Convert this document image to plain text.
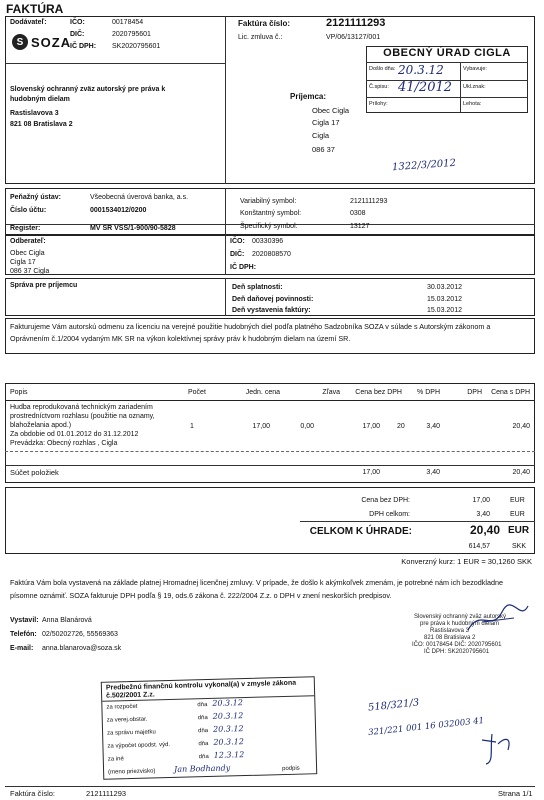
FAKTÚRA
Dodávateľ:
S SOZA
IČO:	00178454
DIČ:	2020795601
IČ DPH: SK2020795601
Slovenský ochranný zväz autorský pre práva k
hudobným dielam
Rastislavova 3
821 08 Bratislava 2
Faktúra číslo:	2121111293
Lic. zmluva č.:	VP/06/13127/001
OBECNÝ ÚRAD CIGLA
Došlo dňa: 20.3.12	Vybavuje:
Č.spisu: 41/2012 Ukl.znak:
Prílohy:	Lehota:
Príjemca:
Obec Cigla
Cigla 17
Cigla
086 37
1322/3/2012
Peňažný ústav:	Všeobecná úverová banka, a.s.
Číslo účtu:	0001534012/0200
Register:	MV SR VSS/1-900/90-5828
Variabilný symbol:	2121111293
Konštantný symbol:	0308
Špecifický symbol:	13127
Odberateľ:
Obec Cigla
Cigla 17
086 37 Cigla
IČO: 00330396
DIČ: 2020808570
IČ DPH:
Správa pre príjemcu	Deň splatnosti:	30.03.2012
Deň daňovej povinnosti:	15.03.2012
Deň vystavenia faktúry:	15.03.2012
Fakturujeme Vám autorskú odmenu za licenciu na verejné použitie hudobných diel podľa platného Sadzobníka SOZA v súlade s Autorským zákonom a Oprávnením č.1/2004 vydaným MK SR na výkon kolektívnej správy práv k hudobným dielam na území SR.
Popis	Počet	Jedn. cena	Zľava	Cena bez DPH	% DPH	DPH	Cena s DPH
Hudba reprodukovaná technickým zariadením
prostredníctvom rozhlasu (použitie na oznamy,
blahoželania apod.)
Za obdobie od 01.01.2012 do 31.12.2012
Prevádzka: Obecný rozhlas , Cigla
1	17,00	0,00	17,00 20	3,40	20,40
Súčet položiek	17,00	3,40	20,40
Cena bez DPH:	17,00	EUR
DPH celkom:	3,40	EUR
CELKOM K ÚHRADE:	20,40 EUR
614,57	SKK
Konverzný kurz: 1 EUR = 30,1260 SKK
Faktúra Vám bola vystavená na základe platnej Hromadnej licenčnej zmluvy. V prípade, že došlo k akýmkoľvek zmenám, je potrebné nám ich bezodkladne písomne oznámiť. SOZA fakturuje DPH podľa § 19, ods.6 zákona č. 222/2004 Z.z. o DPH v znení neskorších predpisov.
Vystavil: Anna Blanárová
Telefón: 02/50202726, 55569363
E-mail: anna.blanarova@soza.sk
Slovenský ochranný zväz autorský
pre práva k hudobným dielam
Rastislavova 3
821 08 Bratislava 2
IČO: 00178454 DIČ: 2020795601
IČ DPH: SK2020795601
Predbežnú finančnú kontrolu vykonal(a) v zmysle zákona č.502/2001 Z.z.
za rozpočet	dňa 20.3.12
za verej.obstar.	dňa 20.3.12
za správu majetku	dňa 20.3.12
za výpočet opodst. výd.	dňa 20.3.12
za iné	dňa 12.3.12
(meno priezvisko) Jan Bodhandy	podpis
518/321/3
321/221 001 16 032003 41
Faktúra číslo:	2121111293	Strana 1/1
